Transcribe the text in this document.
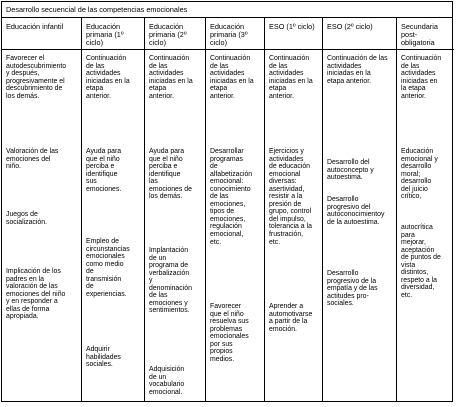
Desarrollo secuencial de las competencias emocionales
Educación infantil
Favorecer el
autodescubrimiento
y después,
progresivamente el
descubrimiento de
los demás.
Valoración de las
emociones del
niño.
Juegos de
socialización.
Implicación de los
padres en la
valoración de las
emociones del niño
y en responder a
ellas de forma
apropiada.
Educación
primaria (1º
ciclo)
Continuación
de las
actividades
iniciadas en la
etapa
anterior.
Ayuda para
que el niño
perciba e
identifique
sus
emociones.
Empleo de
circunstancias
emocionales
como medio
de
transmisión
de
experiencias.
Adquirir
habilidades
sociales.
Educación
primaria (2º
ciclo)
Continuación
de las
actividades
iniciadas en la
etapa
anterior.
Ayuda para
que el niño
perciba e
identifique
las
emociones de
los demás.
Implantación
de un
programa de
verbalización
y
denominación
de las
emociones y
sentimientos.
Adquisición
de un
vocabulario
emocional.
Educación
primaria (3º
ciclo)
Continuación
de las
actividades
iniciadas en la
etapa
anterior.
Desarrollar
programas
de
alfabetización
emocional:
conocimiento
de las
emociones,
tipos de
emociones,
regulación
emocional,
etc.
Favorecer
que el niño
resuelva sus
problemas
emocionales
por sus
propios
medios.
ESO (1º ciclo)
Continuación
de las
actividades
iniciadas en la
etapa
anterior.
Ejercicios y
actividades
de educación
emocional
diversas:
asertividad,
resistir a la
presión de
grupo, control
del impulso,
tolerancia a la
frustración,
etc.
Aprender a
automotivarse
a partir de la
emoción.
ESO (2º ciclo)
Continuación de las
actividades
iniciadas en la
etapa anterior.
Desarrollo del
autoconcepto y
autoestima.
Desarrollo
progresivo del
autoconocimientoy
de la autoestima.
Desarrollo
progresivo de la
empatía y de las
actitudes pro-
sociales.
Secundaria
post-
obligatoria
Continuación
de las
actividades
iniciadas en
la etapa
anterior.
Educación
emocional y
desarrollo
moral;
desarrollo
del juicio
crítico,
autocrítica
para
mejorar,
aceptación
de puntos de
vista
distintos,
respeto a la
diversidad,
etc.
